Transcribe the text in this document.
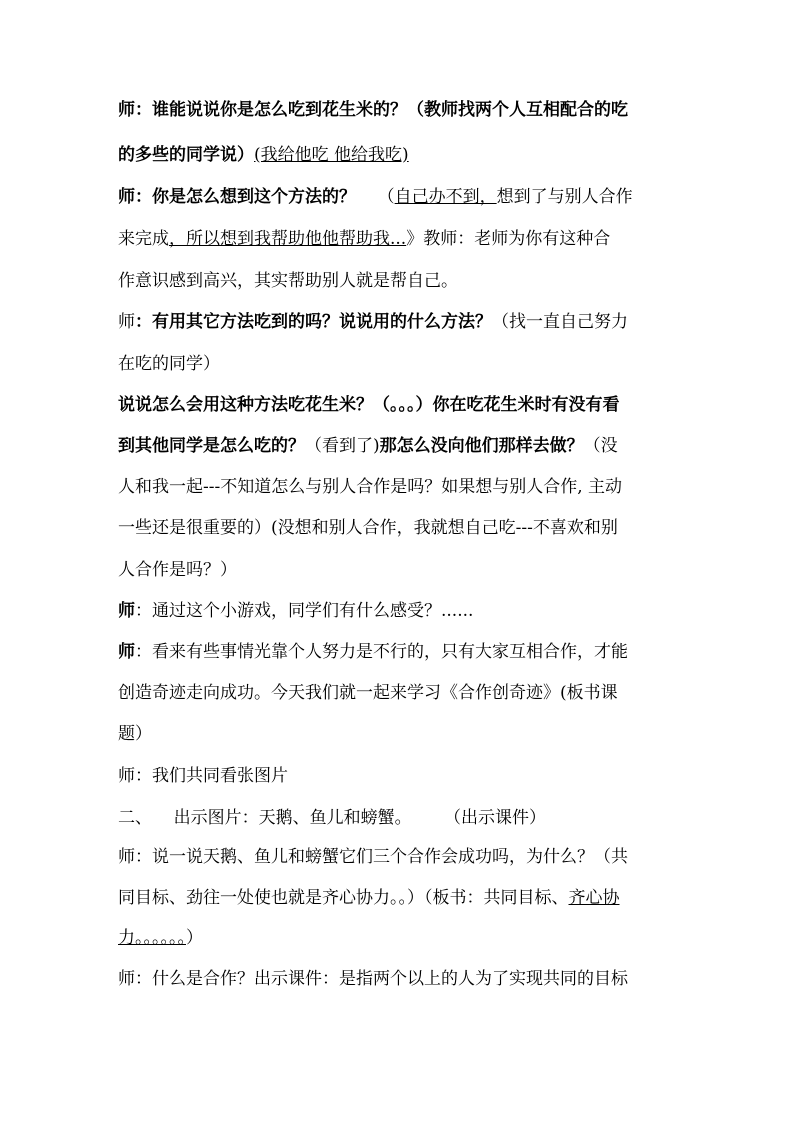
师：谁能说说你是怎么吃到花生米的？（教师找两个人互相配合的吃

的多些的同学说）(我给他吃 他给我吃)

师：你是怎么想到这个方法的？    （自己办不到，想到了与别人合作

来完成，所以想到我帮助他他帮助我...》教师：老师为你有这种合

作意识感到高兴，其实帮助别人就是帮自己。

师：有用其它方法吃到的吗？说说用的什么方法？（找一直自己努力

在吃的同学）

说说怎么会用这种方法吃花生米？（。。。）你在吃花生米时有没有看

到其他同学是怎么吃的？（看到了)那怎么没向他们那样去做？（没

人和我一起---不知道怎么与别人合作是吗？如果想与别人合作, 主动

一些还是很重要的）(没想和别人合作，我就想自己吃---不喜欢和别

人合作是吗？）

师：通过这个小游戏，同学们有什么感受？......

师：看来有些事情光靠个人努力是不行的，只有大家互相合作，才能

创造奇迹走向成功。今天我们就一起来学习《合作创奇迹》(板书课

题）

师：我们共同看张图片

二、    出示图片：天鹅、鱼儿和螃蟹。      （出示课件）

师：说一说天鹅、鱼儿和螃蟹它们三个合作会成功吗，为什么？（共

同目标、劲往一处使也就是齐心协力。。）（板书：共同目标、齐心协

力。。。。。。）

师：什么是合作？出示课件：是指两个以上的人为了实现共同的目标
